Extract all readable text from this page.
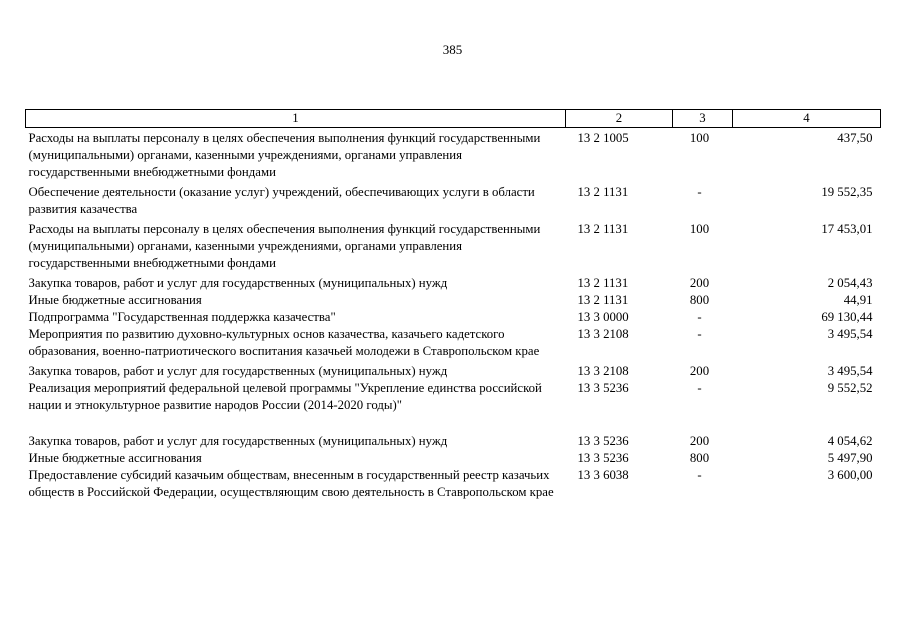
385
1	2	3	4
Расходы на выплаты персоналу в целях обеспечения выполнения функций государственными (муниципальными) органами, казенными учреждениями, органами управления государственными внебюджетными фондами	13 2 1005	100	437,50
Обеспечение деятельности (оказание услуг) учреждений, обеспечивающих услуги в области развития казачества	13 2 1131	-	19 552,35
Расходы на выплаты персоналу в целях обеспечения выполнения функций государственными (муниципальными) органами, казенными учреждениями, органами управления государственными внебюджетными фондами	13 2 1131	100	17 453,01
Закупка товаров, работ и услуг для государственных (муниципальных) нужд	13 2 1131	200	2 054,43
Иные бюджетные ассигнования	13 2 1131	800	44,91
Подпрограмма "Государственная поддержка казачества"	13 3 0000	-	69 130,44
Мероприятия по развитию духовно-культурных основ казачества, казачьего кадетского образования, военно-патриотического воспитания казачьей молодежи в Ставропольском крае	13 3 2108	-	3 495,54
Закупка товаров, работ и услуг для государственных (муниципальных) нужд	13 3 2108	200	3 495,54
Реализация мероприятий федеральной целевой программы "Укрепление единства российской нации и этнокультурное развитие народов России (2014-2020 годы)"	13 3 5236	-	9 552,52
Закупка товаров, работ и услуг для государственных (муниципальных) нужд	13 3 5236	200	4 054,62
Иные бюджетные ассигнования	13 3 5236	800	5 497,90
Предоставление субсидий казачьим обществам, внесенным в государственный реестр казачьих обществ в Российской Федерации, осуществляющим свою деятельность в Ставропольском крае	13 3 6038	-	3 600,00
